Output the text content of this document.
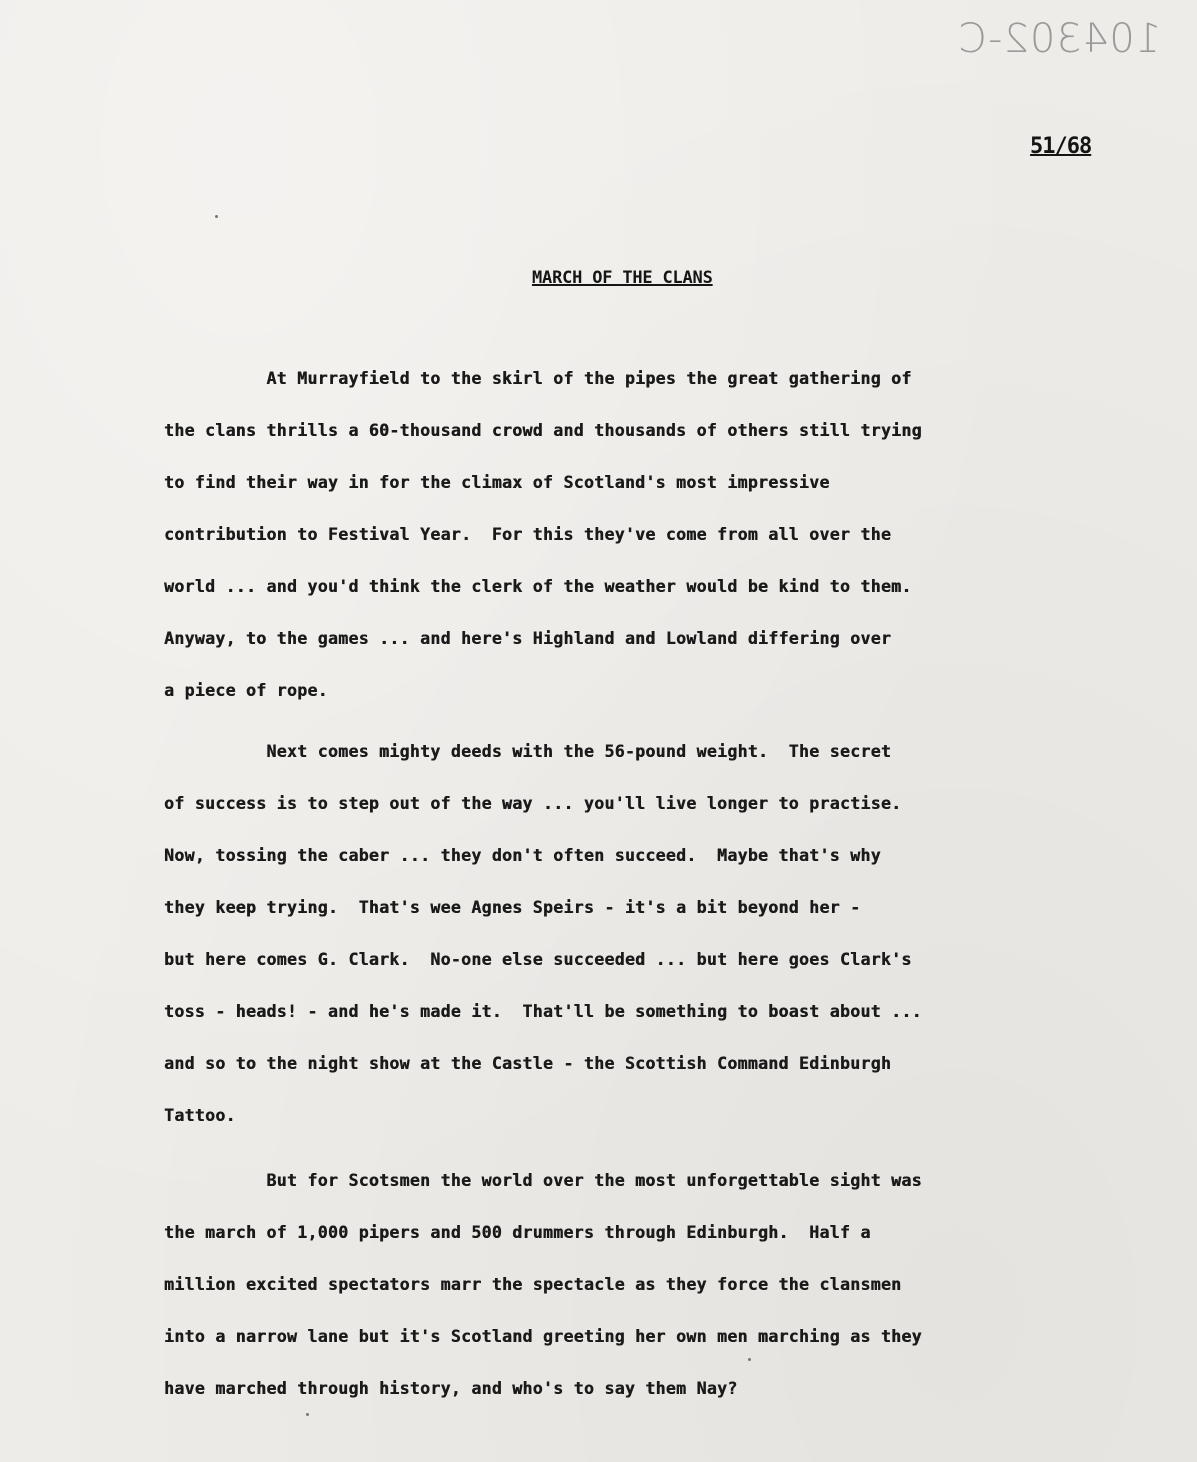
104302-C
51/68
MARCH OF THE CLANS
At Murrayfield to the skirl of the pipes the great gathering of
the clans thrills a 60-thousand crowd and thousands of others still trying
to find their way in for the climax of Scotland's most impressive
contribution to Festival Year.  For this they've come from all over the
world ... and you'd think the clerk of the weather would be kind to them.
Anyway, to the games ... and here's Highland and Lowland differing over
a piece of rope.
Next comes mighty deeds with the 56-pound weight.  The secret
of success is to step out of the way ... you'll live longer to practise.
Now, tossing the caber ... they don't often succeed.  Maybe that's why
they keep trying.  That's wee Agnes Speirs - it's a bit beyond her -
but here comes G. Clark.  No-one else succeeded ... but here goes Clark's
toss - heads! - and he's made it.  That'll be something to boast about ...
and so to the night show at the Castle - the Scottish Command Edinburgh
Tattoo.
But for Scotsmen the world over the most unforgettable sight was
the march of 1,000 pipers and 500 drummers through Edinburgh.  Half a
million excited spectators marr the spectacle as they force the clansmen
into a narrow lane but it's Scotland greeting her own men marching as they
have marched through history, and who's to say them Nay?
